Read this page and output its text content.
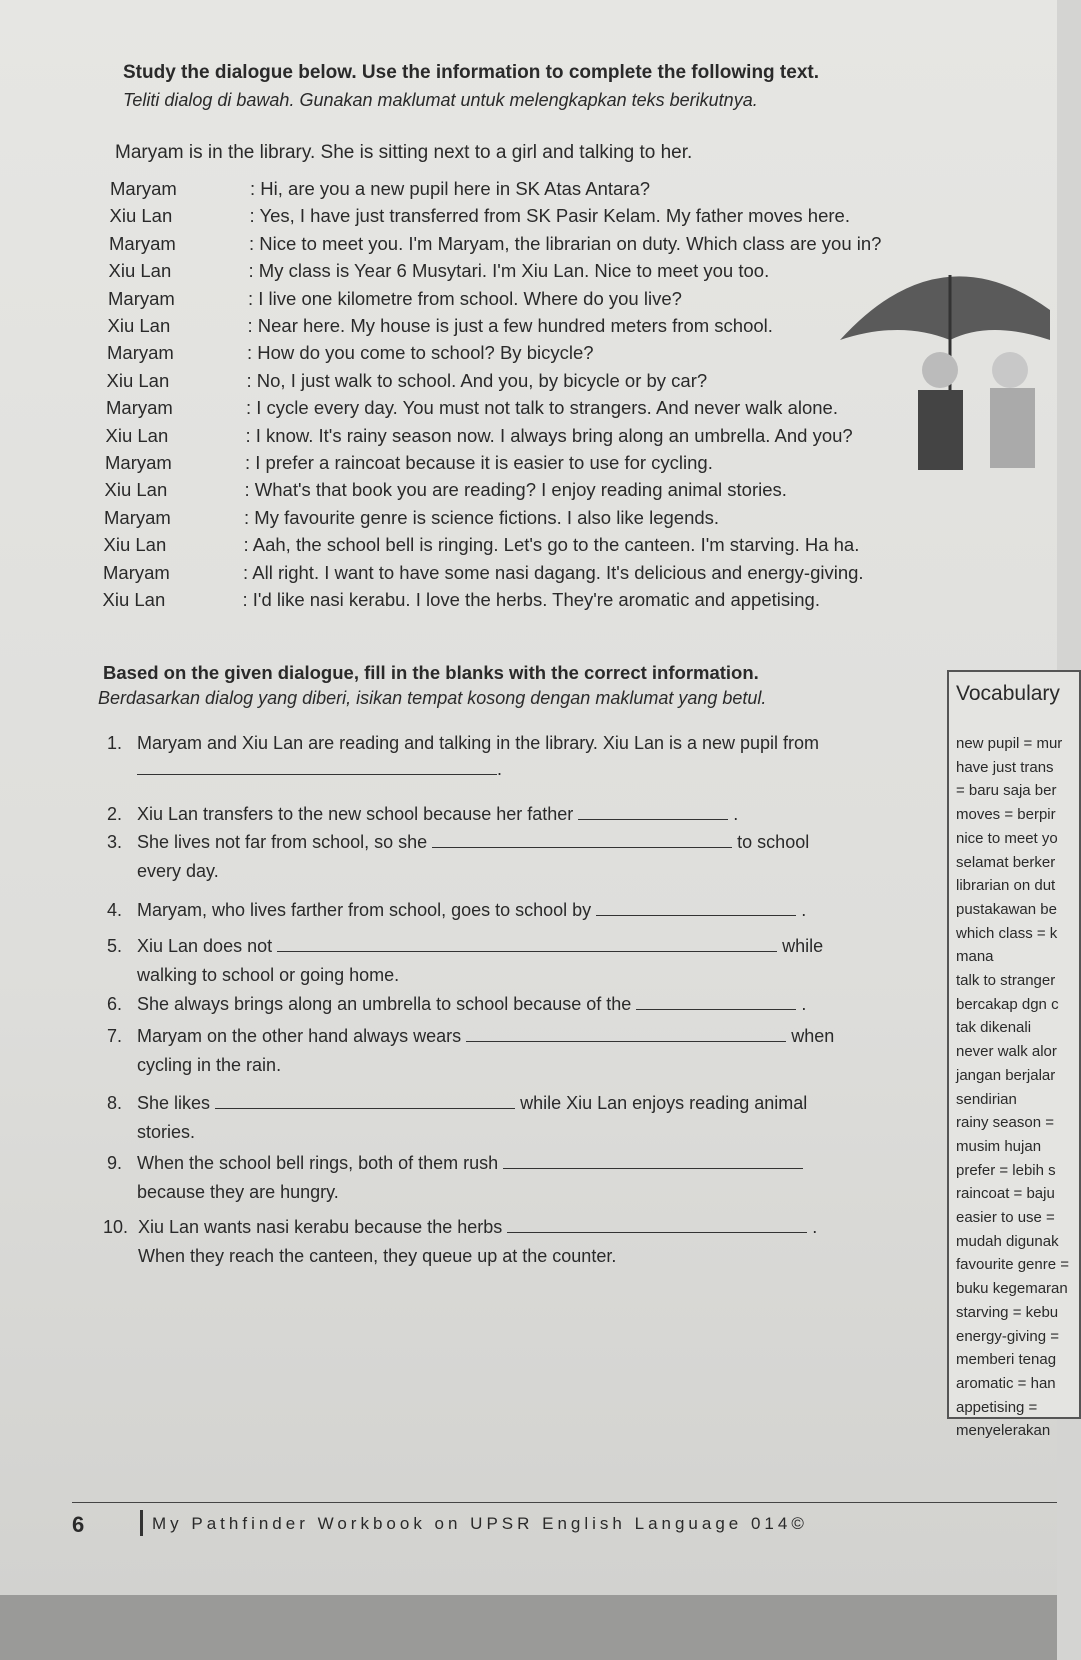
Study the dialogue below. Use the information to complete the following text.
Teliti dialog di bawah. Gunakan maklumat untuk melengkapkan teks berikutnya.
Maryam is in the library. She is sitting next to a girl and talking to her.
Maryam	: Hi, are you a new pupil here in SK Atas Antara?
Xiu Lan	: Yes, I have just transferred from SK Pasir Kelam. My father moves here.
Maryam	: Nice to meet you. I'm Maryam, the librarian on duty. Which class are you in?
Xiu Lan	: My class is Year 6 Musytari. I'm Xiu Lan. Nice to meet you too.
Maryam	: I live one kilometre from school. Where do you live?
Xiu Lan	: Near here. My house is just a few hundred meters from school.
Maryam	: How do you come to school? By bicycle?
Xiu Lan	: No, I just walk to school. And you, by bicycle or by car?
Maryam	: I cycle every day. You must not talk to strangers. And never walk alone.
Xiu Lan	: I know. It's rainy season now. I always bring along an umbrella. And you?
Maryam	: I prefer a raincoat because it is easier to use for cycling.
Xiu Lan	: What's that book you are reading? I enjoy reading animal stories.
Maryam	: My favourite genre is science fictions. I also like legends.
Xiu Lan	: Aah, the school bell is ringing. Let's go to the canteen. I'm starving. Ha ha.
Maryam	: All right. I want to have some nasi dagang. It's delicious and energy-giving.
Xiu Lan	: I'd like nasi kerabu. I love the herbs. They're aromatic and appetising.
Based on the given dialogue, fill in the blanks with the correct information.
Berdasarkan dialog yang diberi, isikan tempat kosong dengan maklumat yang betul.
1. Maryam and Xiu Lan are reading and talking in the library. Xiu Lan is a new pupil from
.
2. Xiu Lan transfers to the new school because her father	.
3. She lives not far from school, so she	to school
every day.
4. Maryam, who lives farther from school, goes to school by	.
5. Xiu Lan does not	while
walking to school or going home.
6. She always brings along an umbrella to school because of the	.
7. Maryam on the other hand always wears	when
cycling in the rain.
8. She likes	while Xiu Lan enjoys reading animal
stories.
9. When the school bell rings, both of them rush
because they are hungry.
10. Xiu Lan wants nasi kerabu because the herbs	.
When they reach the canteen, they queue up at the counter.
Vocabulary
new pupil = mur
have just trans
= baru saja ber
moves = berpir
nice to meet yo
selamat berker
librarian on dut
pustakawan be
which class = k
mana
talk to stranger
bercakap dgn c
tak dikenali
never walk alor
jangan berjalar
sendirian
rainy season =
musim hujan
prefer = lebih s
raincoat = baju
easier to use =
mudah digunak
favourite genre =
buku kegemaran
starving = kebu
energy-giving =
memberi tenag
aromatic = han
appetising =
menyelerakan
6	My Pathfinder Workbook on UPSR English Language 014©
